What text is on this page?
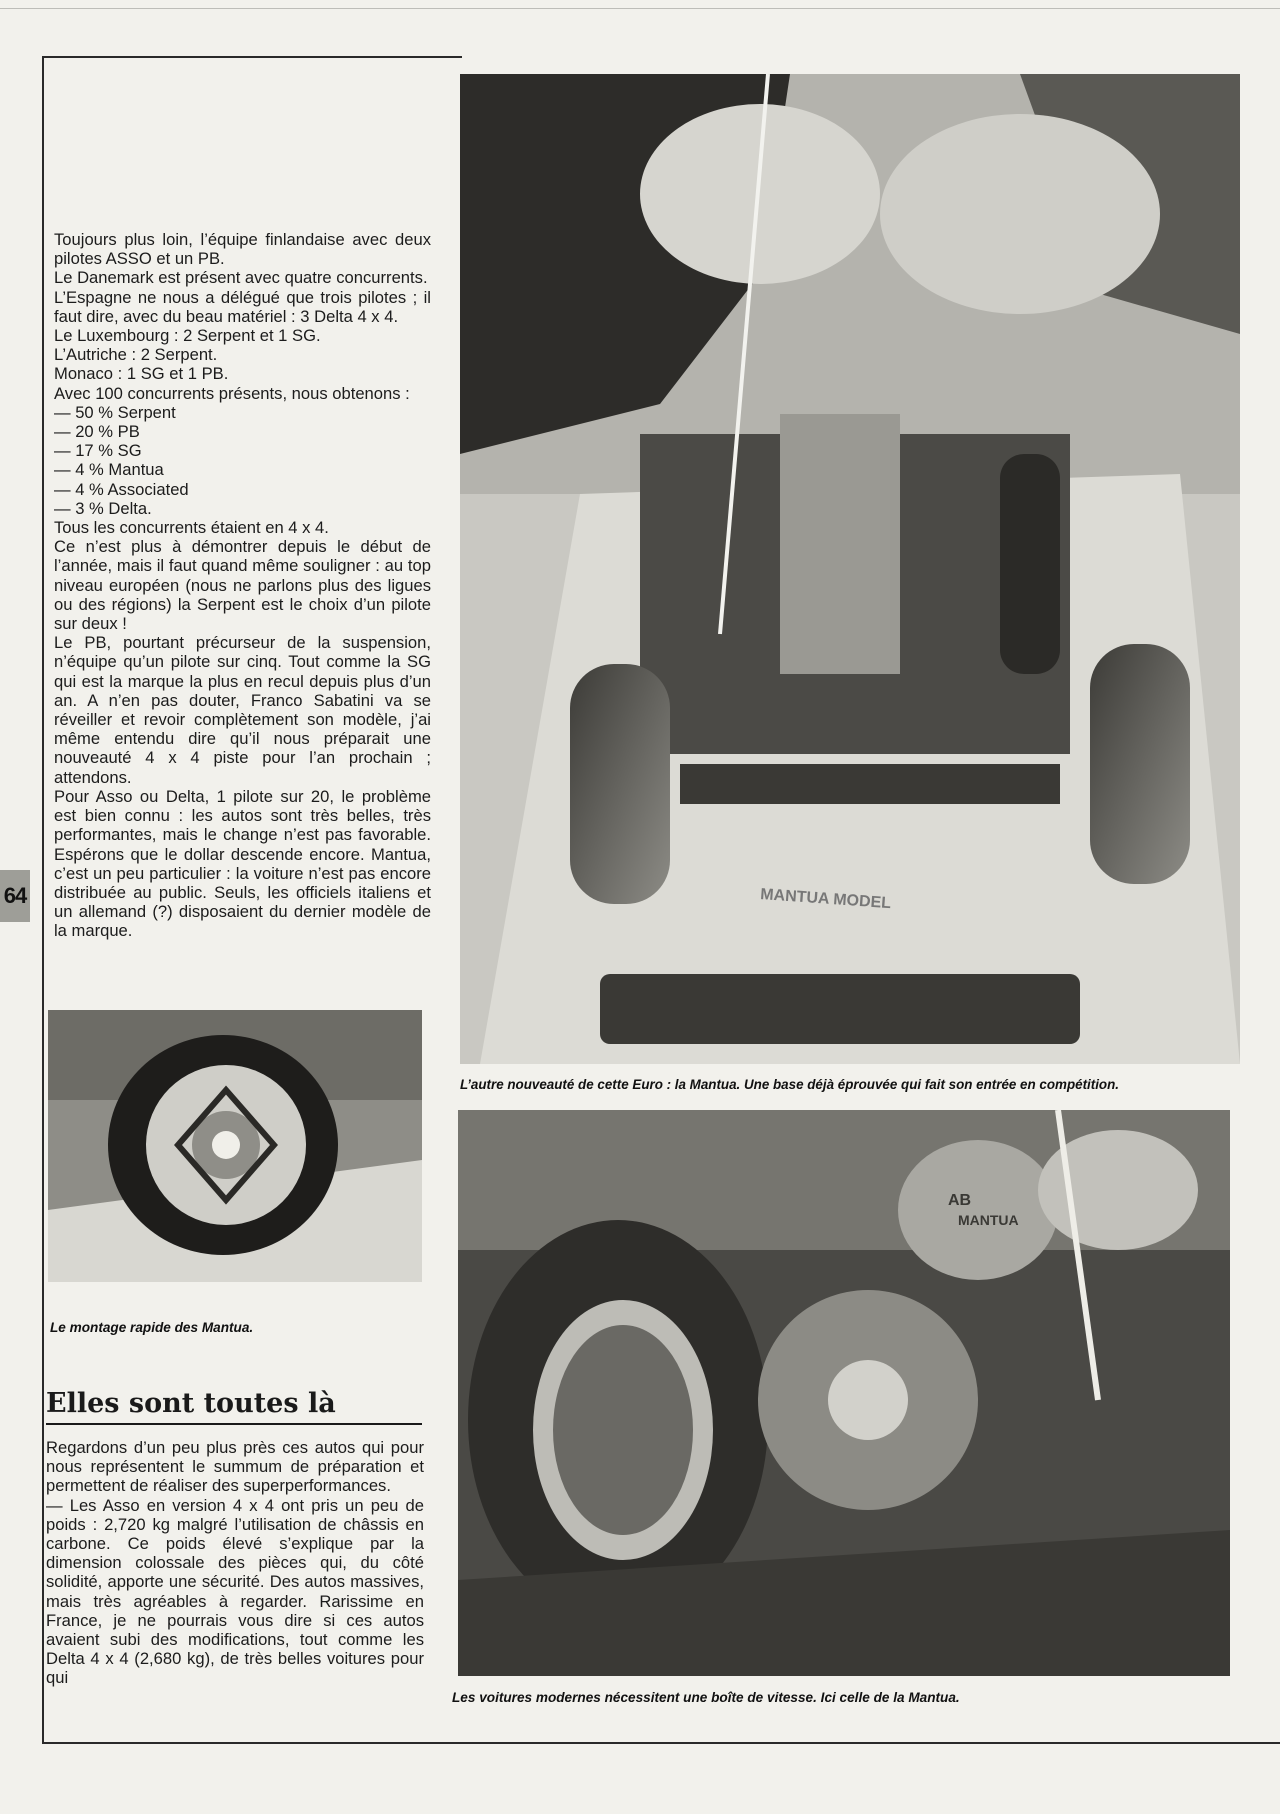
64

Toujours plus loin, l’équipe finlandaise avec deux pilotes ASSO et un PB.

Le Danemark est présent avec quatre concurrents.

L’Espagne ne nous a délégué que trois pilotes ; il faut dire, avec du beau matériel : 3 Delta 4 x 4.

Le Luxembourg : 2 Serpent et 1 SG.

L’Autriche : 2 Serpent.

Monaco : 1 SG et 1 PB.

Avec 100 concurrents présents, nous obtenons :

— 50 % Serpent

— 20 % PB

— 17 % SG

— 4 % Mantua

— 4 % Associated

— 3 % Delta.

Tous les concurrents étaient en 4 x 4.

Ce n’est plus à démontrer depuis le début de l’année, mais il faut quand même souligner : au top niveau européen (nous ne parlons plus des ligues ou des régions) la Serpent est le choix d’un pilote sur deux !

Le PB, pourtant précurseur de la suspension, n’équipe qu’un pilote sur cinq. Tout comme la SG qui est la marque la plus en recul depuis plus d’un an. A n’en pas douter, Franco Sabatini va se réveiller et revoir complètement son modèle, j’ai même entendu dire qu’il nous préparait une nouveauté 4 x 4 piste pour l’an prochain ; attendons.

Pour Asso ou Delta, 1 pilote sur 20, le problème est bien connu : les autos sont très belles, très performantes, mais le change n’est pas favorable. Espérons que le dollar descende encore. Mantua, c’est un peu particulier : la voiture n’est pas encore distribuée au public. Seuls, les officiels italiens et un allemand (?) disposaient du dernier modèle de la marque.

MANTUA MODEL
L’autre nouveauté de cette Euro : la Mantua. Une base déjà éprouvée qui fait son entrée en compétition.
Le montage rapide des Mantua.
Elles sont toutes là

Regardons d’un peu plus près ces autos qui pour nous représentent le summum de préparation et permettent de réaliser des superperformances.

— Les Asso en version 4 x 4 ont pris un peu de poids : 2,720 kg malgré l’utilisation de châssis en carbone. Ce poids élevé s’explique par la dimension colossale des pièces qui, du côté solidité, apporte une sécurité. Des autos massives, mais très agréables à regarder. Rarissime en France, je ne pourrais vous dire si ces autos avaient subi des modifications, tout comme les Delta 4 x 4 (2,680 kg), de très belles voitures pour qui

AB
MANTUA
Les voitures modernes nécessitent une boîte de vitesse. Ici celle de la Mantua.
